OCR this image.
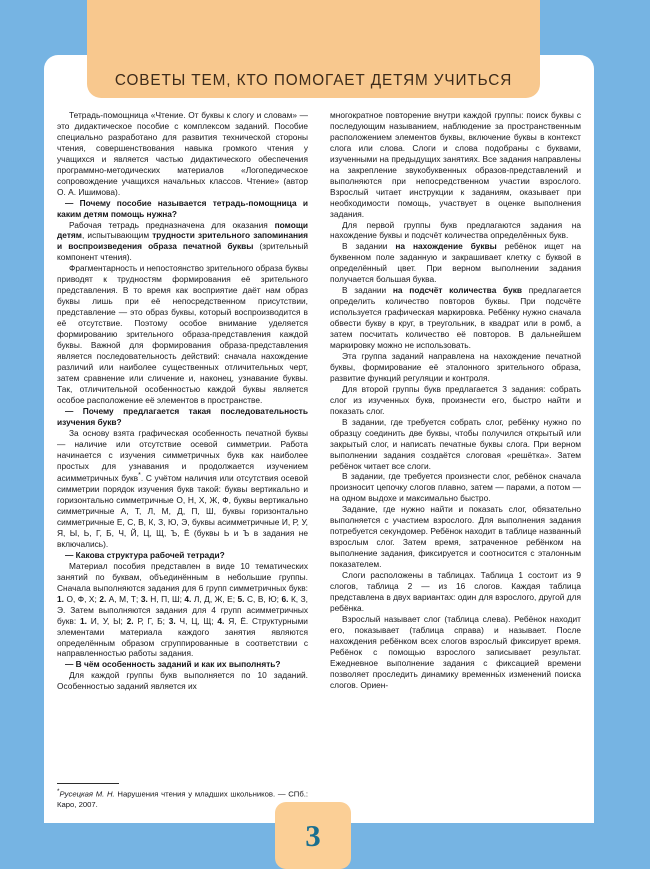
СОВЕТЫ ТЕМ, КТО ПОМОГАЕТ ДЕТЯМ УЧИТЬСЯ

Тетрадь-помощница «Чтение. От буквы к слогу и словам» — это дидактическое пособие с комплексом заданий. Пособие специально разработано для развития технической стороны чтения, совершенствования навыка громкого чтения у учащихся и является частью дидактического обеспечения программно-методических материалов «Логопедическое сопровождение учащихся начальных классов. Чтение» (автор О. А. Ишимова).

— Почему пособие называется тетрадь-помощница и каким детям помощь нужна?

Рабочая тетрадь предназначена для оказания помощи детям, испытывающим трудности зрительного запоминания и воспроизведения образа печатной буквы (зрительный компонент чтения).

Фрагментарность и непостоянство зрительного образа буквы приводят к трудностям формирования её зрительного представления. В то время как восприятие даёт нам образ буквы лишь при её непосредственном присутствии, представление — это образ буквы, который воспроизводится в её отсутствие. Поэтому особое внимание уделяется формированию зрительного образа-представления каждой буквы. Важной для формирования образа-представления является последовательность действий: сначала нахождение различий или наиболее существенных отличительных черт, затем сравнение или сличение и, наконец, узнавание буквы. Так, отличительной особенностью каждой буквы является особое расположение её элементов в пространстве.

— Почему предлагается такая последовательность изучения букв?

За основу взята графическая особенность печатной буквы — наличие или отсутствие осевой симметрии. Работа начинается с изучения симметричных букв как наиболее простых для узнавания и продолжается изучением асимметричных букв*. С учётом наличия или отсутствия осевой симметрии порядок изучения букв такой: буквы вертикально и горизонтально симметричные О, Н, Х, Ж, Ф, буквы вертикально симметричные А, Т, Л, М, Д, П, Ш, буквы горизонтально симметричные Е, С, В, К, З, Ю, Э, буквы асимметричные И, Р, У, Я, Ы, Ь, Г, Б, Ч, Й, Ц, Щ, Ъ, Ё (буквы Ь и Ъ в задания не включались).

— Какова структура рабочей тетради?

Материал пособия представлен в виде 10 тематических занятий по буквам, объединённым в небольшие группы. Сначала выполняются задания для 6 групп симметричных букв: 1. О, Ф, Х; 2. А, М, Т; 3. Н, П, Ш; 4. Л, Д, Ж, Е; 5. С, В, Ю; 6. К, З, Э. Затем выполняются задания для 4 групп асимметричных букв: 1. И, У, Ы; 2. Р, Г, Б; 3. Ч, Ц, Щ; 4. Я, Ё. Структурными элементами материала каждого занятия являются определённым образом сгруппированные в соответствии с направленностью работы задания.

— В чём особенность заданий и как их выполнять?

Для каждой группы букв выполняется по 10 заданий. Особенностью заданий является их

*Русецкая М. Н. Нарушения чтения у младших школьников. — СПб.: Каро, 2007.

многократное повторение внутри каждой группы: поиск буквы с последующим называнием, наблюдение за пространственным расположением элементов буквы, включение буквы в контекст слога или слова. Слоги и слова подобраны с буквами, изученными на предыдущих занятиях. Все задания направлены на закрепление звукобуквенных образов-представлений и выполняются при непосредственном участии взрослого. Взрослый читает инструкции к заданиям, оказывает при необходимости помощь, участвует в оценке выполнения задания.

Для первой группы букв предлагаются задания на нахождение буквы и подсчёт количества определённых букв.

В задании на нахождение буквы ребёнок ищет на буквенном поле заданную и закрашивает клетку с буквой в определённый цвет. При верном выполнении задания получается большая буква.

В задании на подсчёт количества букв предлагается определить количество повторов буквы. При подсчёте используется графическая маркировка. Ребёнку нужно сначала обвести букву в круг, в треугольник, в квадрат или в ромб, а затем посчитать количество её повторов. В дальнейшем маркировку можно не использовать.

Эта группа заданий направлена на нахождение печатной буквы, формирование её эталонного зрительного образа, развитие функций регуляции и контроля.

Для второй группы букв предлагается 3 задания: собрать слог из изученных букв, произнести его, быстро найти и показать слог.

В задании, где требуется собрать слог, ребёнку нужно по образцу соединить две буквы, чтобы получился открытый или закрытый слог, и написать печатные буквы слога. При верном выполнении задания создаётся слоговая «решётка». Затем ребёнок читает все слоги.

В задании, где требуется произнести слог, ребёнок сначала произносит цепочку слогов плавно, затем — парами, а потом — на одном выдохе и максимально быстро.

Задание, где нужно найти и показать слог, обязательно выполняется с участием взрослого. Для выполнения задания потребуется секундомер. Ребёнок находит в таблице названный взрослым слог. Затем время, затраченное ребёнком на выполнение задания, фиксируется и соотносится с эталонным показателем.

Слоги расположены в таблицах. Таблица 1 состоит из 9 слогов, таблица 2 — из 16 слогов. Каждая таблица представлена в двух вариантах: один для взрослого, другой для ребёнка.

Взрослый называет слог (таблица слева). Ребёнок находит его, показывает (таблица справа) и называет. После нахождения ребёнком всех слогов взрослый фиксирует время. Ребёнок с помощью взрослого записывает результат. Ежедневное выполнение задания с фиксацией времени позволяет проследить динамику временны́х изменений поиска слогов. Ориен-

3
